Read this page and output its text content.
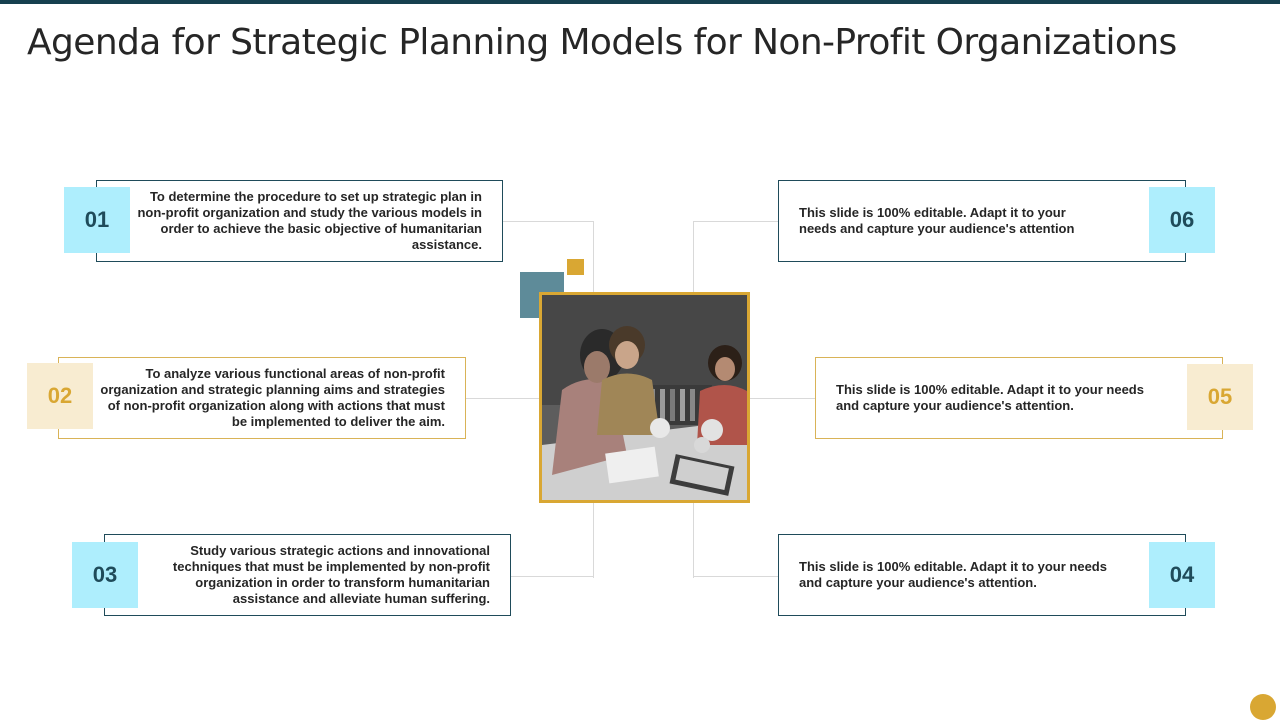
Agenda for Strategic Planning Models for Non-Profit Organizations

To determine the procedure to set up strategic plan in non-profit organization and study the various models in order to achieve the basic objective of humanitarian assistance.

01

To analyze various functional areas of non-profit organization and strategic planning aims and strategies of non-profit organization along with actions that must be implemented to deliver the aim.

02

Study various strategic actions and innovational techniques that must be implemented by non-profit organization in order to transform humanitarian assistance and alleviate human suffering.

03

This slide is 100% editable. Adapt it to your needs and capture your audience's attention	06

This slide is 100% editable. Adapt it to your needs and capture your audience's attention.	05

This slide is 100% editable. Adapt it to your needs and capture your audience's attention.	04
